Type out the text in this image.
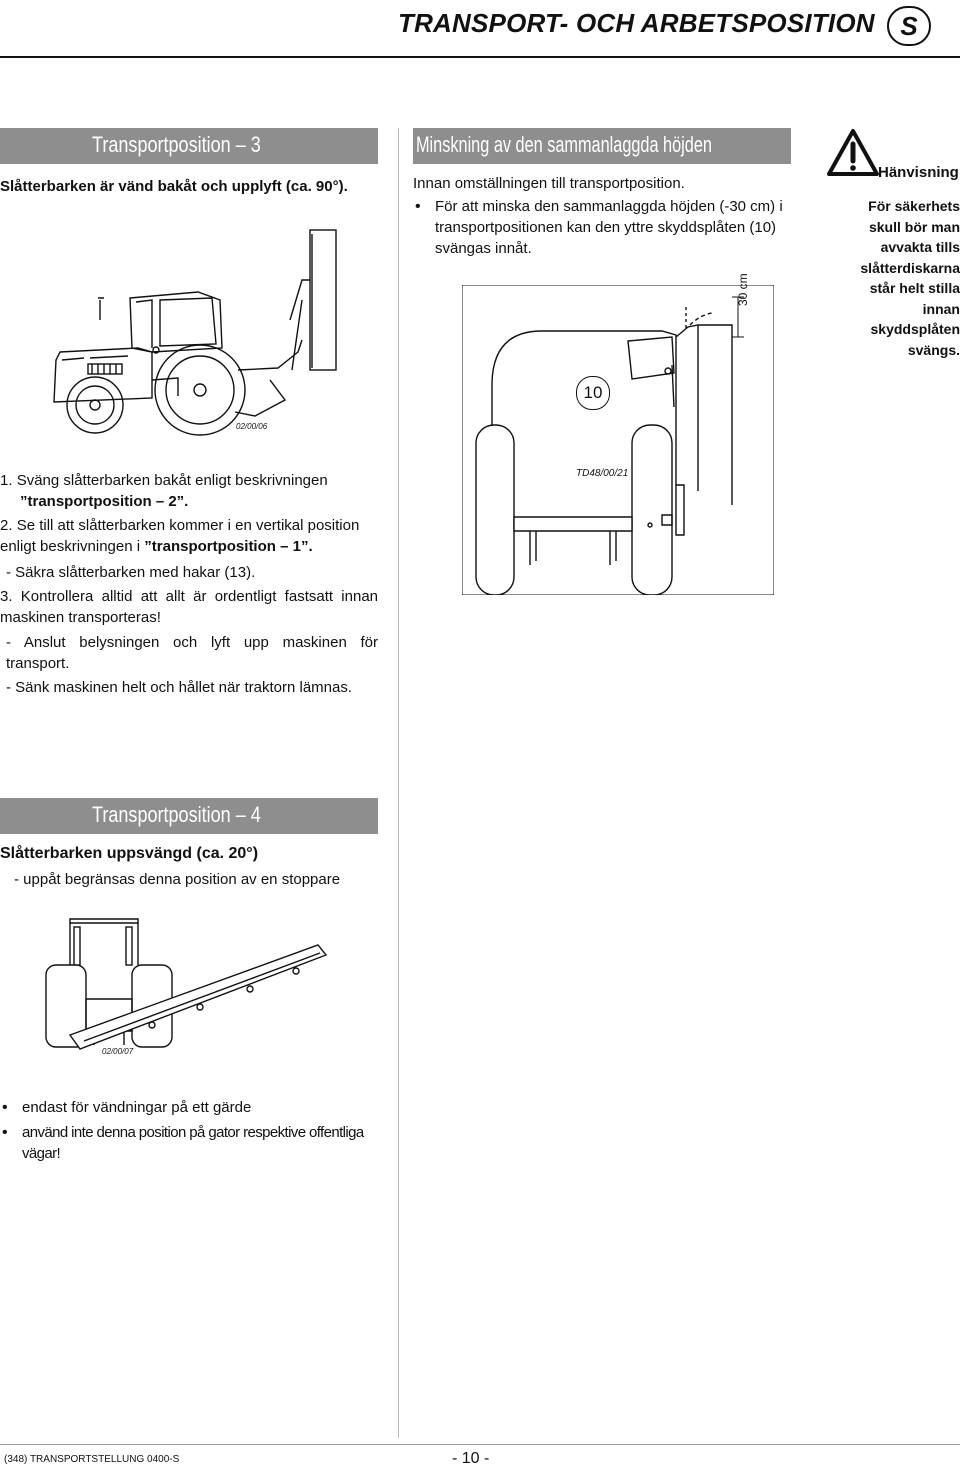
TRANSPORT- OCH ARBETSPOSITION S
Transportposition – 3
Slåtterbarken är vänd bakåt och upplyft (ca. 90°).
02/00/06
1. Sväng slåtterbarken bakåt enligt beskrivningen
”transportposition – 2”.
2. Se till att slåtterbarken kommer i en vertikal position enligt beskrivningen i ”transportposition – 1”.
- Säkra slåtterbarken med hakar (13).
3. Kontrollera alltid att allt är ordentligt fastsatt innan maskinen transporteras!
- Anslut belysningen och lyft upp maskinen för transport.
- Sänk maskinen helt och hållet när traktorn lämnas.
Minskning av den sammanlaggda höjden
Innan omställningen till transportposition.
• För att minska den sammanlaggda höjden (-30 cm) i transportpositionen kan den yttre skyddsplåten (10) svängas innåt.
30 cm
10
TD48/00/21
Hänvisning
För säkerhets skull bör man avvakta tills slåtterdiskarna står helt stilla innan skyddsplåten svängs.
Transportposition – 4
Slåtterbarken uppsvängd (ca. 20°)
- uppåt begränsas denna position av en stoppare
02/00/07
• endast för vändningar på ett gärde
• använd inte denna position på gator respektive offentliga vägar!
(348) TRANSPORTSTELLUNG 0400-S	- 10 -
